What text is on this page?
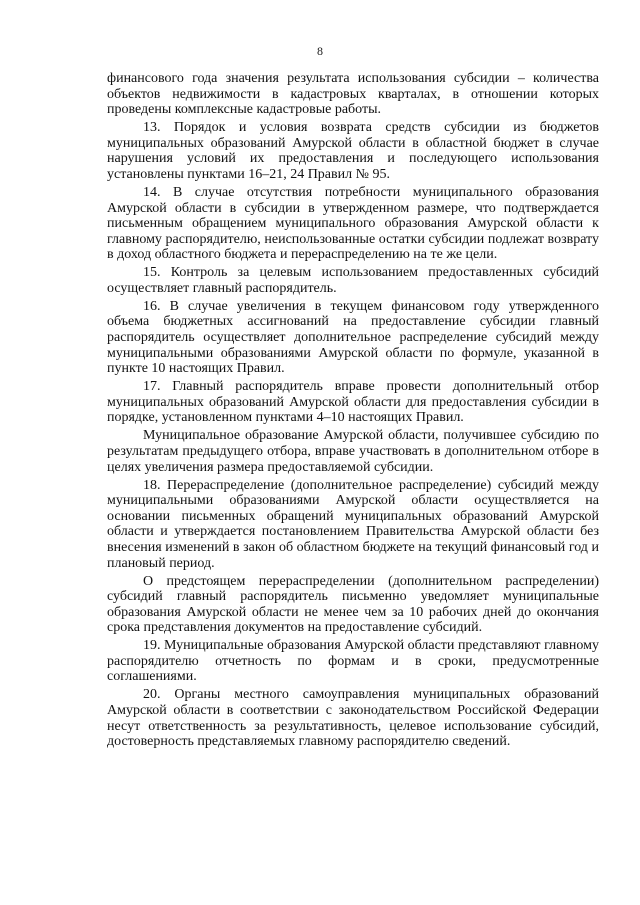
8

финансового года значения результата использования субсидии – количества объектов недвижимости в кадастровых кварталах, в отношении которых проведены комплексные кадастровые работы.

13. Порядок и условия возврата средств субсидии из бюджетов муниципальных образований Амурской области в областной бюджет в случае нарушения условий их предоставления и последующего использования установлены пунктами 16–21, 24 Правил № 95.

14. В случае отсутствия потребности муниципального образования Амурской области в субсидии в утвержденном размере, что подтверждается письменным обращением муниципального образования Амурской области к главному распорядителю, неиспользованные остатки субсидии подлежат возврату в доход областного бюджета и перераспределению на те же цели.

15. Контроль за целевым использованием предоставленных субсидий осуществляет главный распорядитель.

16. В случае увеличения в текущем финансовом году утвержденного объема бюджетных ассигнований на предоставление субсидии главный распорядитель осуществляет дополнительное распределение субсидий между муниципальными образованиями Амурской области по формуле, указанной в пункте 10 настоящих Правил.

17. Главный распорядитель вправе провести дополнительный отбор муниципальных образований Амурской области для предоставления субсидии в порядке, установленном пунктами 4–10 настоящих Правил.

Муниципальное образование Амурской области, получившее субсидию по результатам предыдущего отбора, вправе участвовать в дополнительном отборе в целях увеличения размера предоставляемой субсидии.

18. Перераспределение (дополнительное распределение) субсидий между муниципальными образованиями Амурской области осуществляется на основании письменных обращений муниципальных образований Амурской области и утверждается постановлением Правительства Амурской области без внесения изменений в закон об областном бюджете на текущий финансовый год и плановый период.

О предстоящем перераспределении (дополнительном распределении) субсидий главный распорядитель письменно уведомляет муниципальные образования Амурской области не менее чем за 10 рабочих дней до окончания срока представления документов на предоставление субсидий.

19. Муниципальные образования Амурской области представляют главному распорядителю отчетность по формам и в сроки, предусмотренные соглашениями.

20. Органы местного самоуправления муниципальных образований Амурской области в соответствии с законодательством Российской Федерации несут ответственность за результативность, целевое использование субсидий, достоверность представляемых главному распорядителю сведений.
